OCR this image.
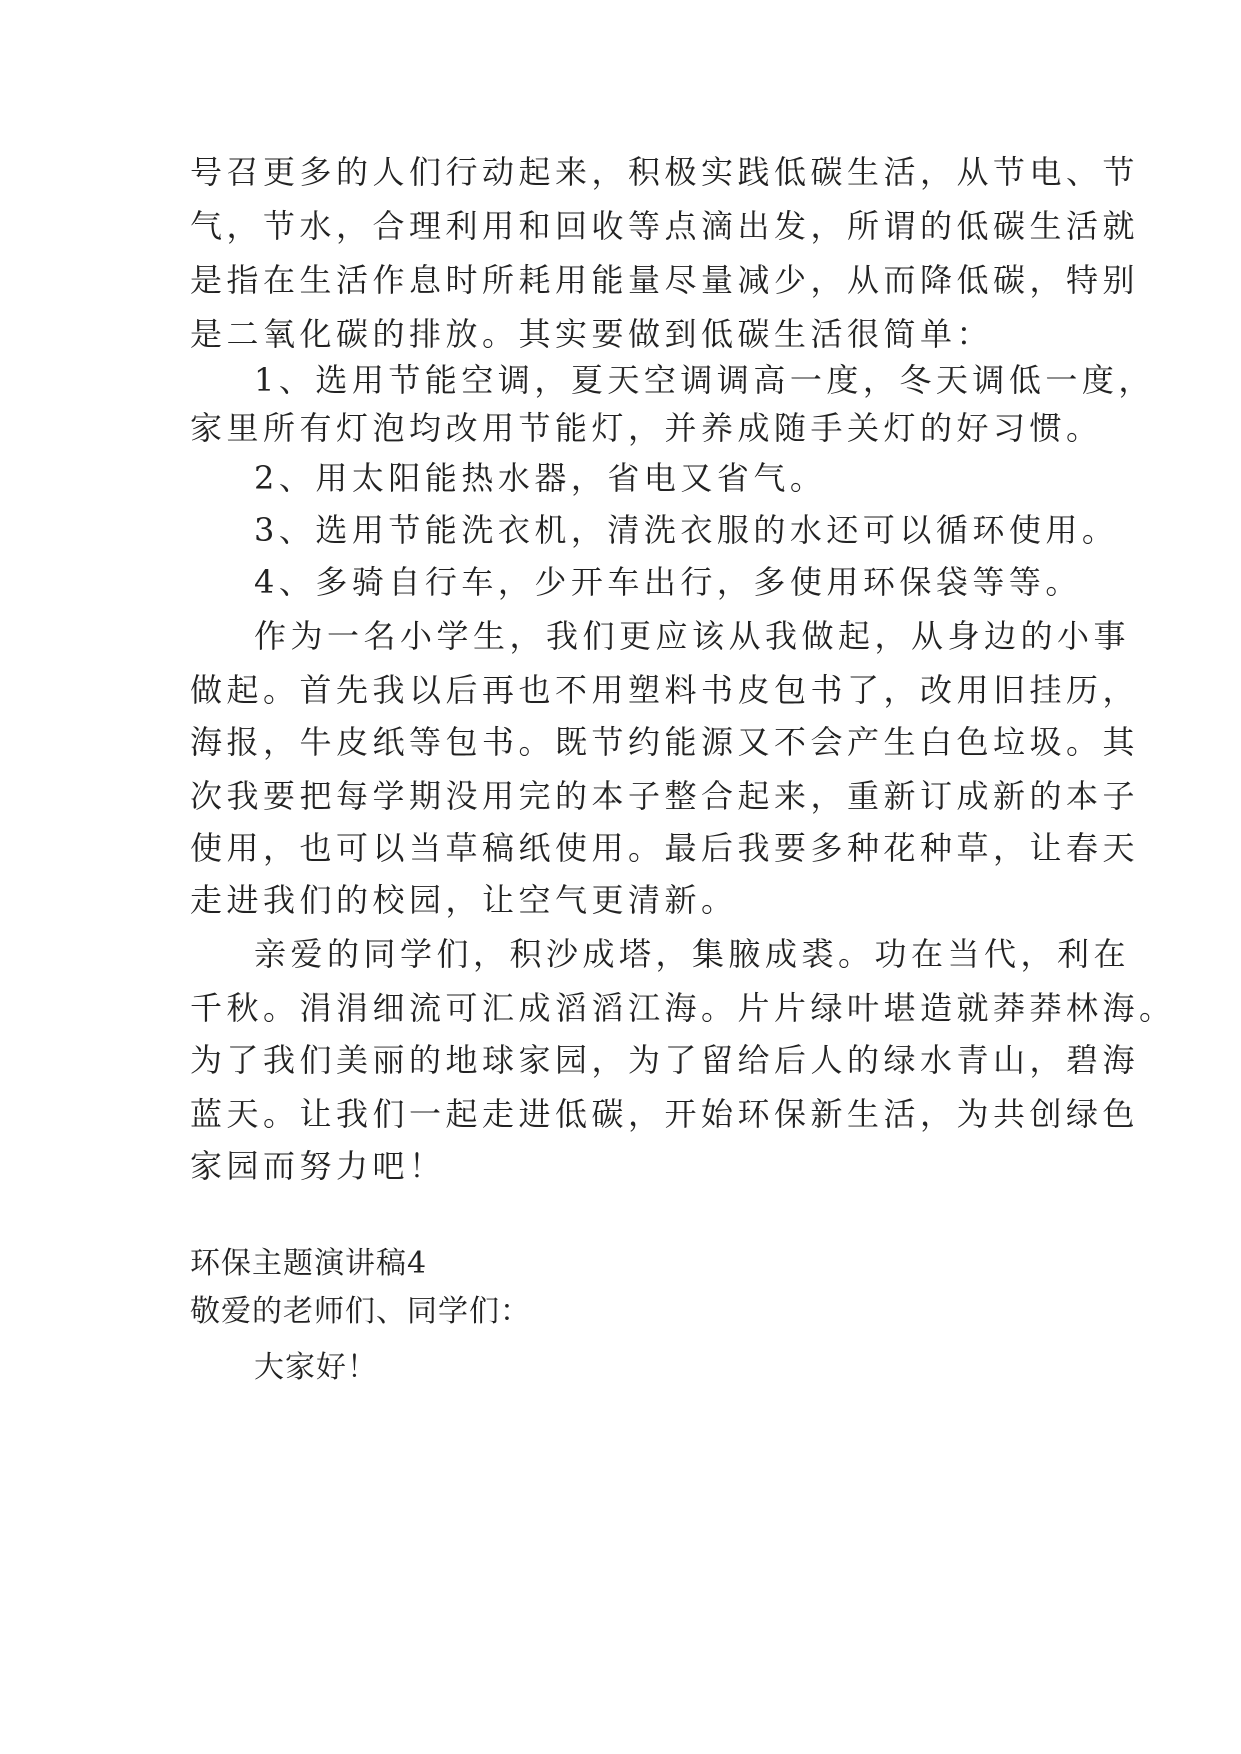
号召更多的人们行动起来，积极实践低碳生活，从节电、节
气，节水，合理利用和回收等点滴出发，所谓的低碳生活就
是指在生活作息时所耗用能量尽量减少，从而降低碳，特别
是二氧化碳的排放。其实要做到低碳生活很简单：
1、选用节能空调，夏天空调调高一度，冬天调低一度，
家里所有灯泡均改用节能灯，并养成随手关灯的好习惯。
2、用太阳能热水器，省电又省气。
3、选用节能洗衣机，清洗衣服的水还可以循环使用。
4、多骑自行车，少开车出行，多使用环保袋等等。
作为一名小学生，我们更应该从我做起，从身边的小事
做起。首先我以后再也不用塑料书皮包书了，改用旧挂历，
海报，牛皮纸等包书。既节约能源又不会产生白色垃圾。其
次我要把每学期没用完的本子整合起来，重新订成新的本子
使用，也可以当草稿纸使用。最后我要多种花种草，让春天
走进我们的校园，让空气更清新。
亲爱的同学们，积沙成塔，集腋成裘。功在当代，利在
千秋。涓涓细流可汇成滔滔江海。片片绿叶堪造就莽莽林海。
为了我们美丽的地球家园，为了留给后人的绿水青山，碧海
蓝天。让我们一起走进低碳，开始环保新生活，为共创绿色
家园而努力吧！
环保主题演讲稿4
敬爱的老师们、同学们：
大家好！
